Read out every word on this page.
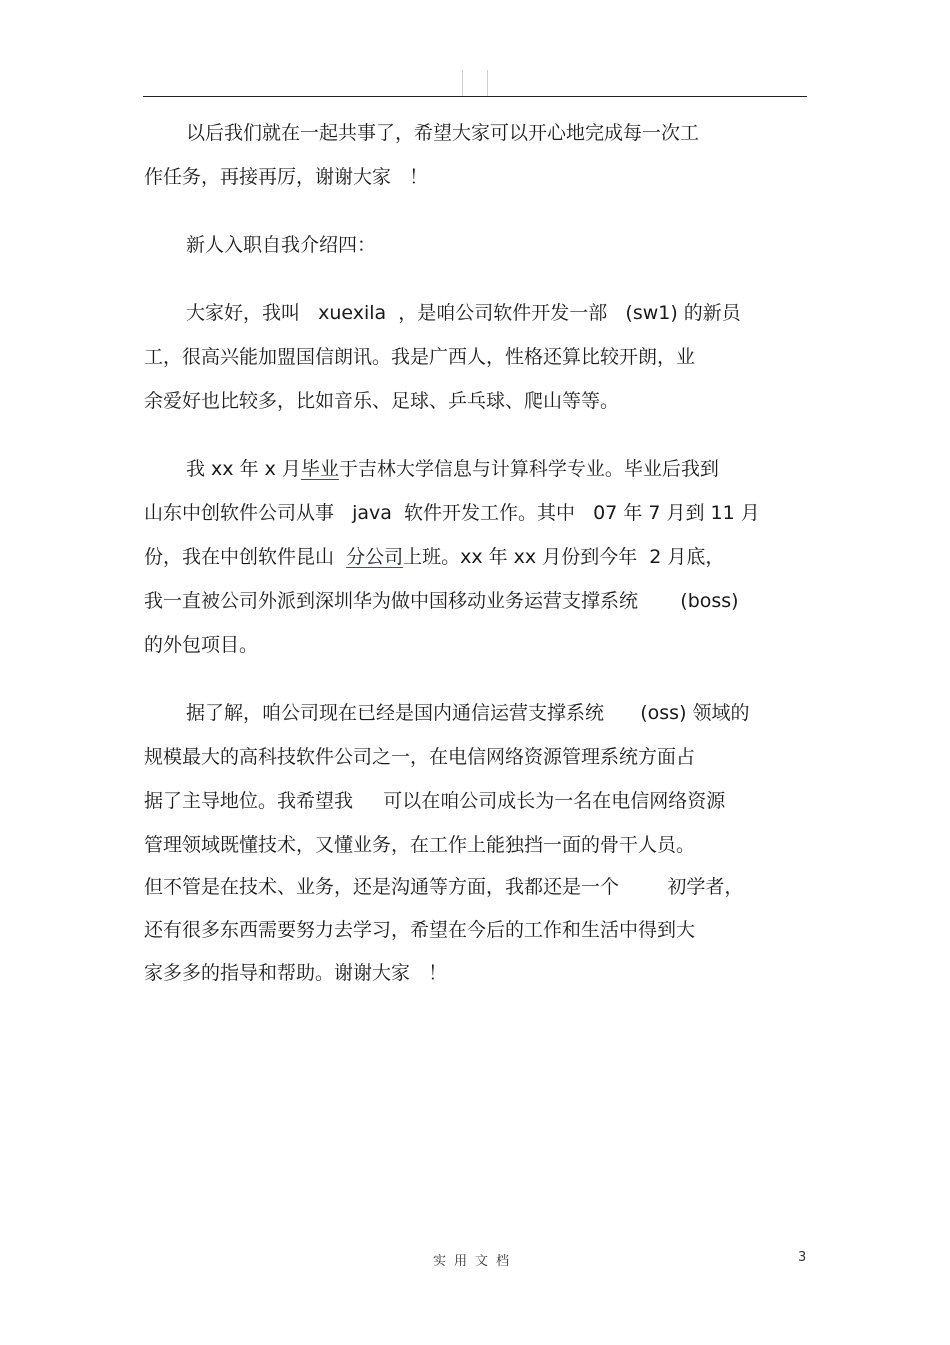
以后我们就在一起共事了，希望大家可以开心地完成每一次工
作任务，再接再厉，谢谢大家   ！
新人入职自我介绍四：
大家好，我叫   xuexila  ，是咱公司软件开发一部   (sw1) 的新员
工，很高兴能加盟国信朗讯。我是广西人，性格还算比较开朗，业
余爱好也比较多，比如音乐、足球、乒乓球、爬山等等。
我 xx 年 x 月毕业于吉林大学信息与计算科学专业。毕业后我到
山东中创软件公司从事   java  软件开发工作。其中   07 年 7 月到 11 月
份，我在中创软件昆山  分公司上班。xx 年 xx 月份到今年  2 月底，
我一直被公司外派到深圳华为做中国移动业务运营支撑系统       (boss)
的外包项目。
据了解，咱公司现在已经是国内通信运营支撑系统      (oss) 领域的
规模最大的高科技软件公司之一，在电信网络资源管理系统方面占
据了主导地位。我希望我     可以在咱公司成长为一名在电信网络资源
管理领域既懂技术，又懂业务，在工作上能独挡一面的骨干人员。
但不管是在技术、业务，还是沟通等方面，我都还是一个        初学者，
还有很多东西需要努力去学习，希望在今后的工作和生活中得到大
家多多的指导和帮助。谢谢大家   ！
实用文档	3
